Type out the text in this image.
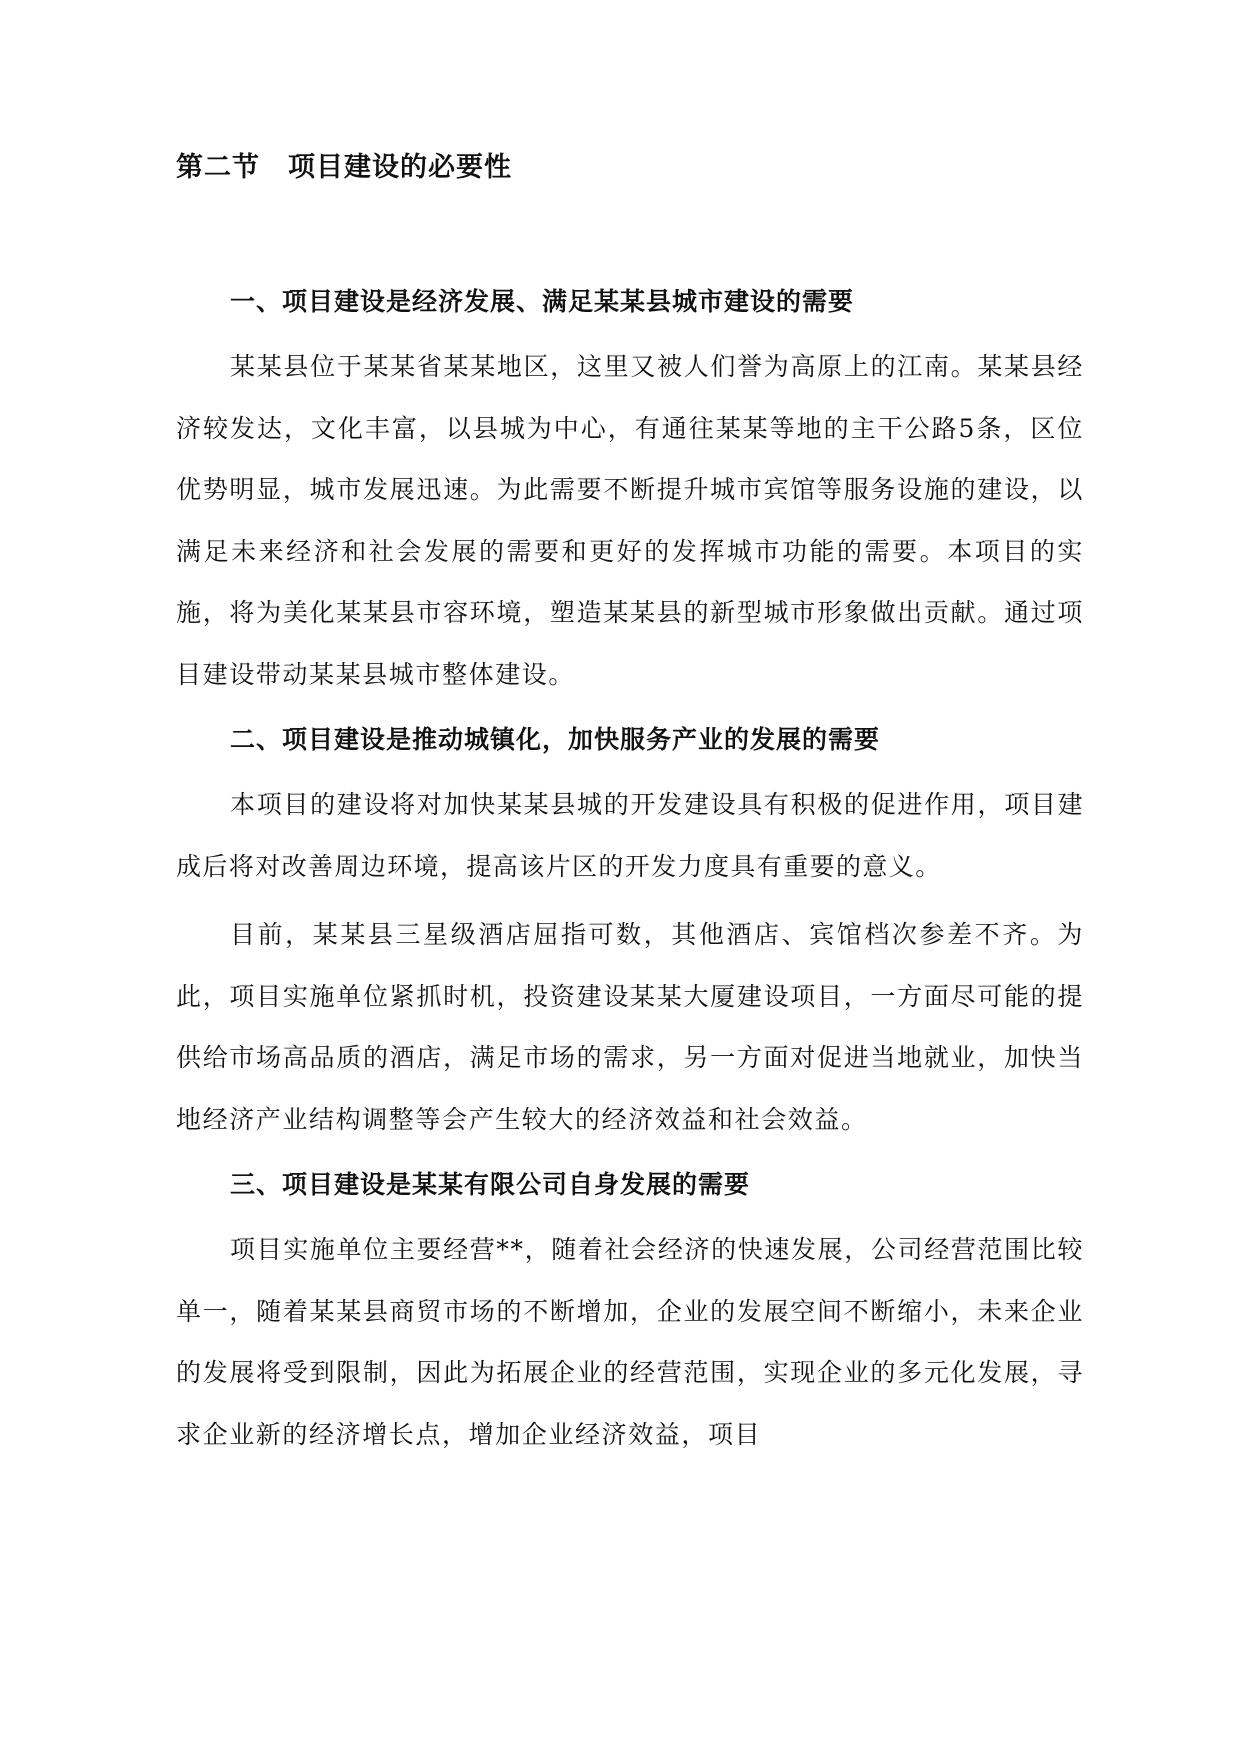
第二节　项目建设的必要性
一、项目建设是经济发展、满足某某县城市建设的需要

某某县位于某某省某某地区，这里又被人们誉为高原上的江南。某某县经济较发达，文化丰富，以县城为中心，有通往某某等地的主干公路5条，区位优势明显，城市发展迅速。为此需要不断提升城市宾馆等服务设施的建设，以满足未来经济和社会发展的需要和更好的发挥城市功能的需要。本项目的实施，将为美化某某县市容环境，塑造某某县的新型城市形象做出贡献。通过项目建设带动某某县城市整体建设。

二、项目建设是推动城镇化，加快服务产业的发展的需要

本项目的建设将对加快某某县城的开发建设具有积极的促进作用，项目建成后将对改善周边环境，提高该片区的开发力度具有重要的意义。

目前，某某县三星级酒店屈指可数，其他酒店、宾馆档次参差不齐。为此，项目实施单位紧抓时机，投资建设某某大厦建设项目，一方面尽可能的提供给市场高品质的酒店，满足市场的需求，另一方面对促进当地就业，加快当地经济产业结构调整等会产生较大的经济效益和社会效益。

三、项目建设是某某有限公司自身发展的需要

项目实施单位主要经营**，随着社会经济的快速发展，公司经营范围比较单一，随着某某县商贸市场的不断增加，企业的发展空间不断缩小，未来企业的发展将受到限制，因此为拓展企业的经营范围，实现企业的多元化发展，寻求企业新的经济增长点，增加企业经济效益，项目
